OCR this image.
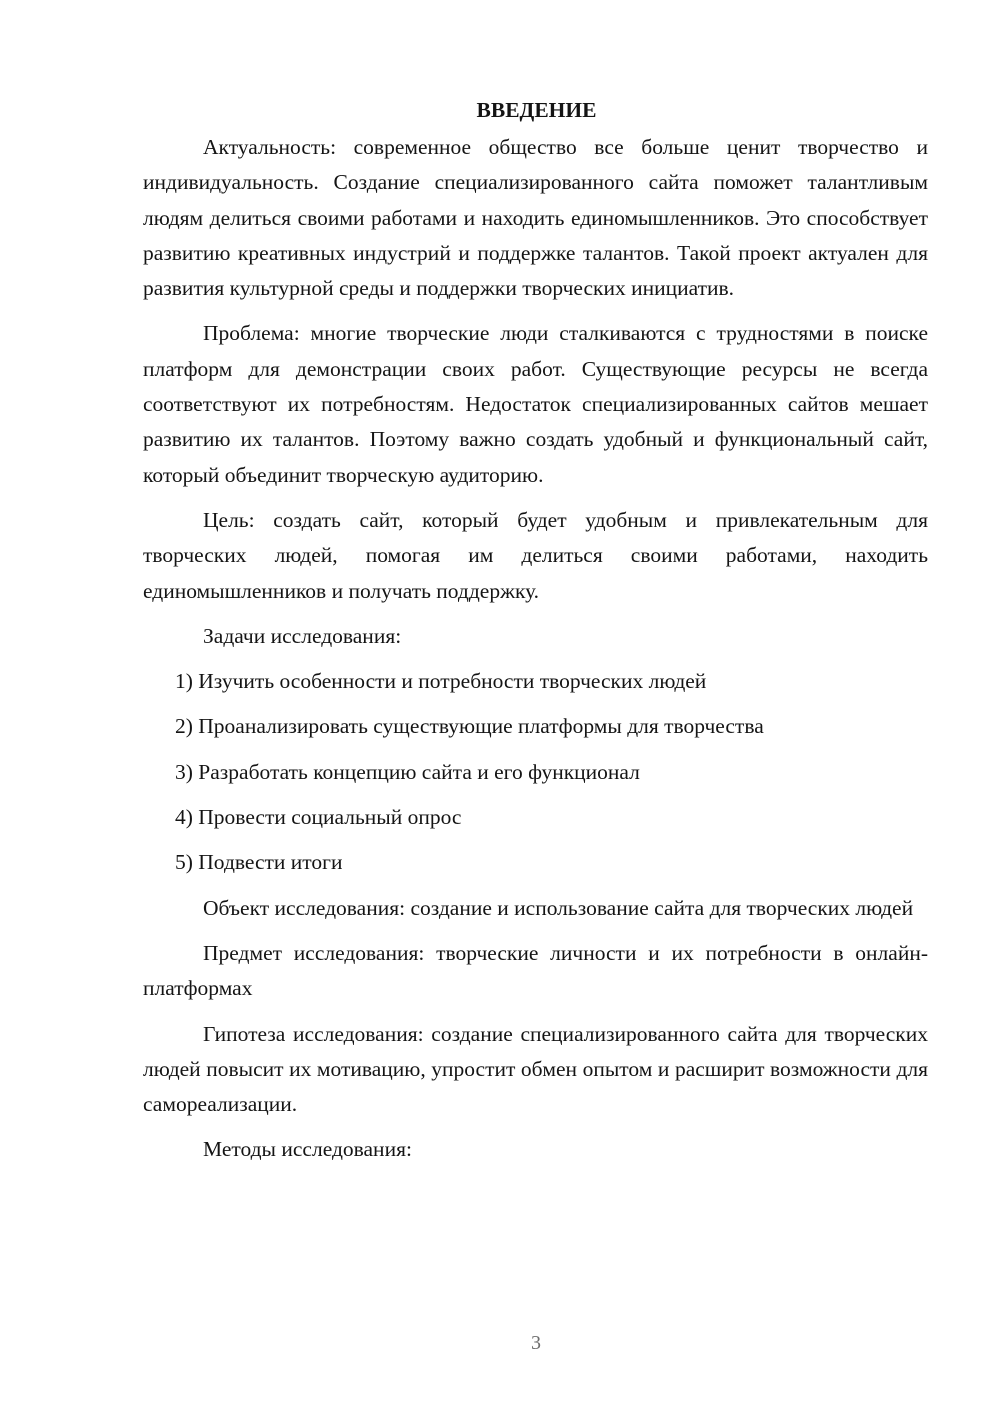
ВВЕДЕНИЕ

Актуальность: современное общество все больше ценит творчество и индивидуальность. Создание специализированного сайта поможет талантливым людям делиться своими работами и находить единомышленников. Это способствует развитию креативных индустрий и поддержке талантов. Такой проект актуален для развития культурной среды и поддержки творческих инициатив.

Проблема: многие творческие люди сталкиваются с трудностями в поиске платформ для демонстрации своих работ. Существующие ресурсы не всегда соответствуют их потребностям. Недостаток специализированных сайтов мешает развитию их талантов. Поэтому важно создать удобный и функциональный сайт, который объединит творческую аудиторию.

Цель: создать сайт, который будет удобным и привлекательным для творческих людей, помогая им делиться своими работами, находить единомышленников и получать поддержку.

Задачи исследования:

1) Изучить особенности и потребности творческих людей

2) Проанализировать существующие платформы для творчества

3) Разработать концепцию сайта и его функционал

4) Провести социальный опрос

5) Подвести итоги

Объект исследования: создание и использование сайта для творческих людей

Предмет исследования: творческие личности и их потребности в онлайн-платформах

Гипотеза исследования: создание специализированного сайта для творческих людей повысит их мотивацию, упростит обмен опытом и расширит возможности для самореализации.

Методы исследования:

3
